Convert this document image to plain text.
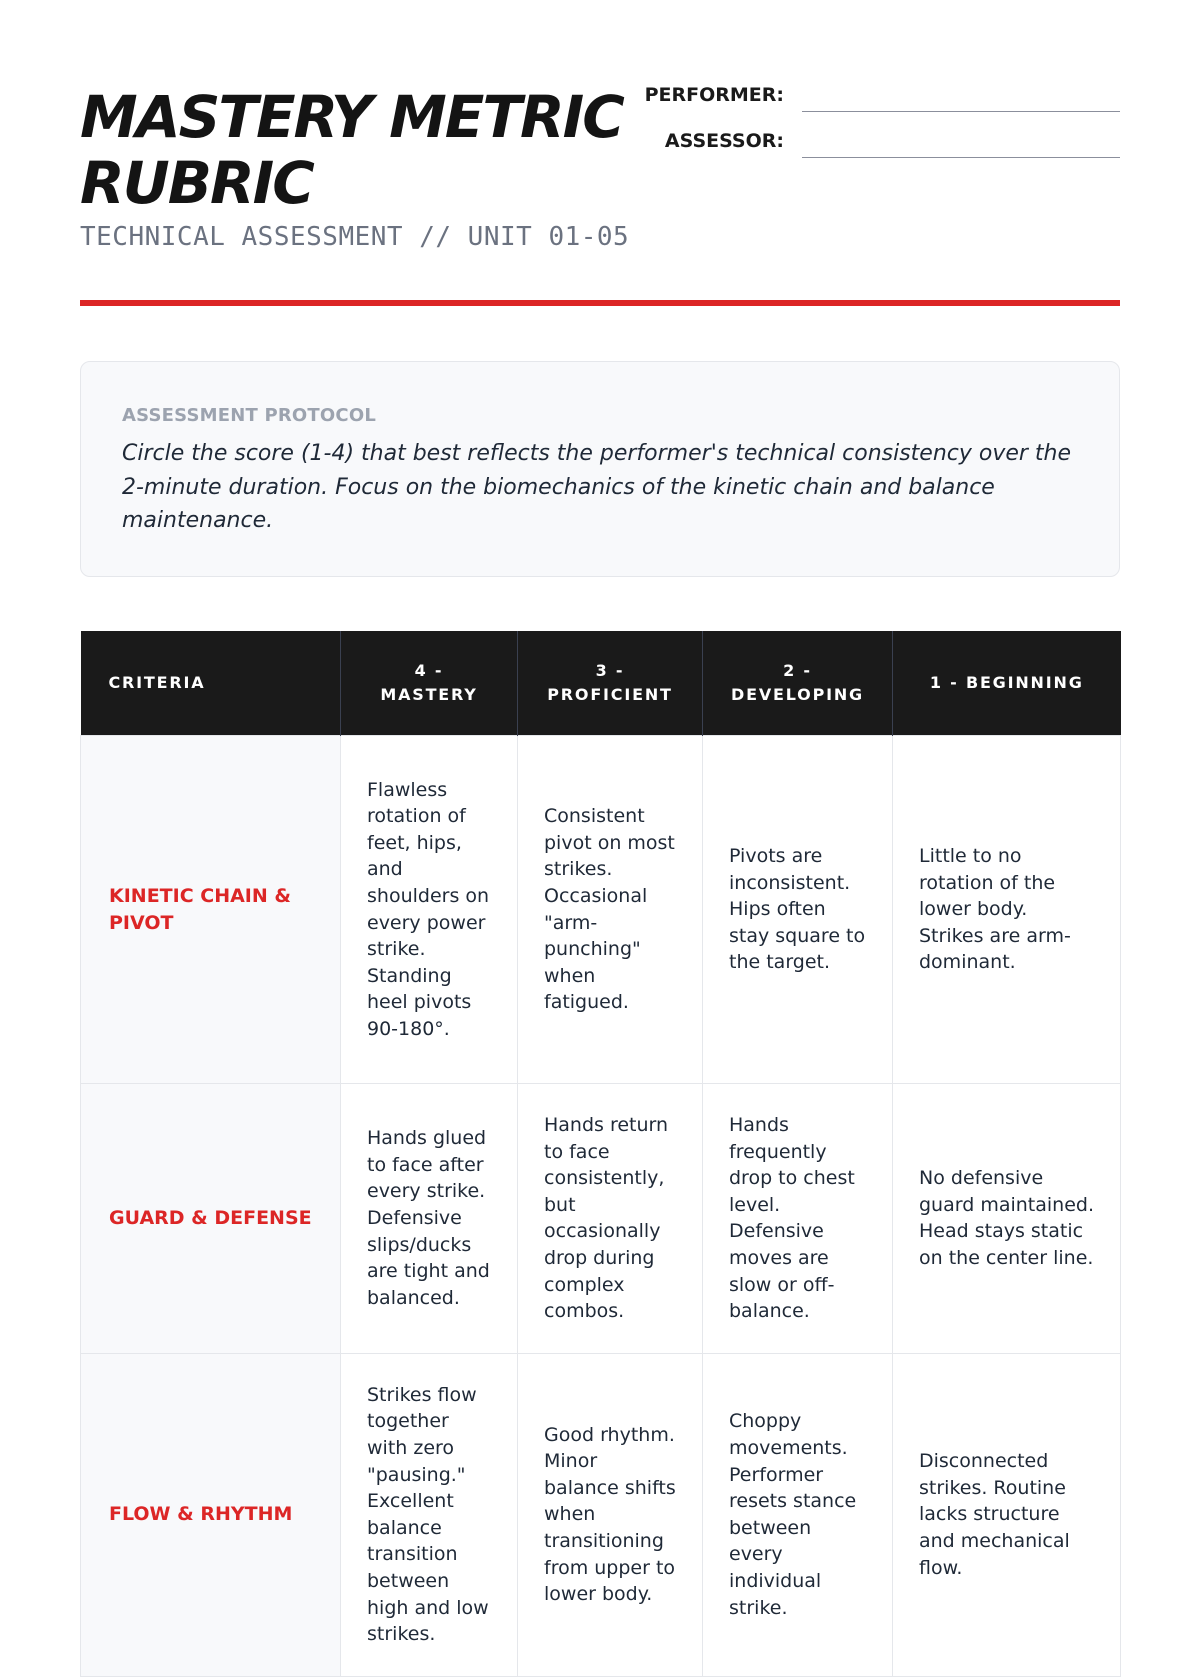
MASTERY METRIC
RUBRIC
TECHNICAL ASSESSMENT // UNIT 01-05
PERFORMER:
ASSESSOR:
ASSESSMENT PROTOCOL
Circle the score (1-4) that best reflects the performer's technical consistency over the 2-minute duration. Focus on the biomechanics of the kinetic chain and balance maintenance.
CRITERIA	4 - MASTERY	3 - PROFICIENT	2 - DEVELOPING	1 - BEGINNING
KINETIC CHAIN & PIVOT	Flawless rotation of feet, hips, and shoulders on every power strike. Standing heel pivots 90-180°.	Consistent pivot on most strikes. Occasional "arm-punching" when fatigued.	Pivots are inconsistent. Hips often stay square to the target.	Little to no rotation of the lower body. Strikes are arm-dominant.
GUARD & DEFENSE	Hands glued to face after every strike. Defensive slips/ducks are tight and balanced.	Hands return to face consistently, but occasionally drop during complex combos.	Hands frequently drop to chest level. Defensive moves are slow or off-balance.	No defensive guard maintained. Head stays static on the center line.
FLOW & RHYTHM	Strikes flow together with zero "pausing." Excellent balance transition between high and low strikes.	Good rhythm. Minor balance shifts when transitioning from upper to lower body.	Choppy movements. Performer resets stance between every individual strike.	Disconnected strikes. Routine lacks structure and mechanical flow.
